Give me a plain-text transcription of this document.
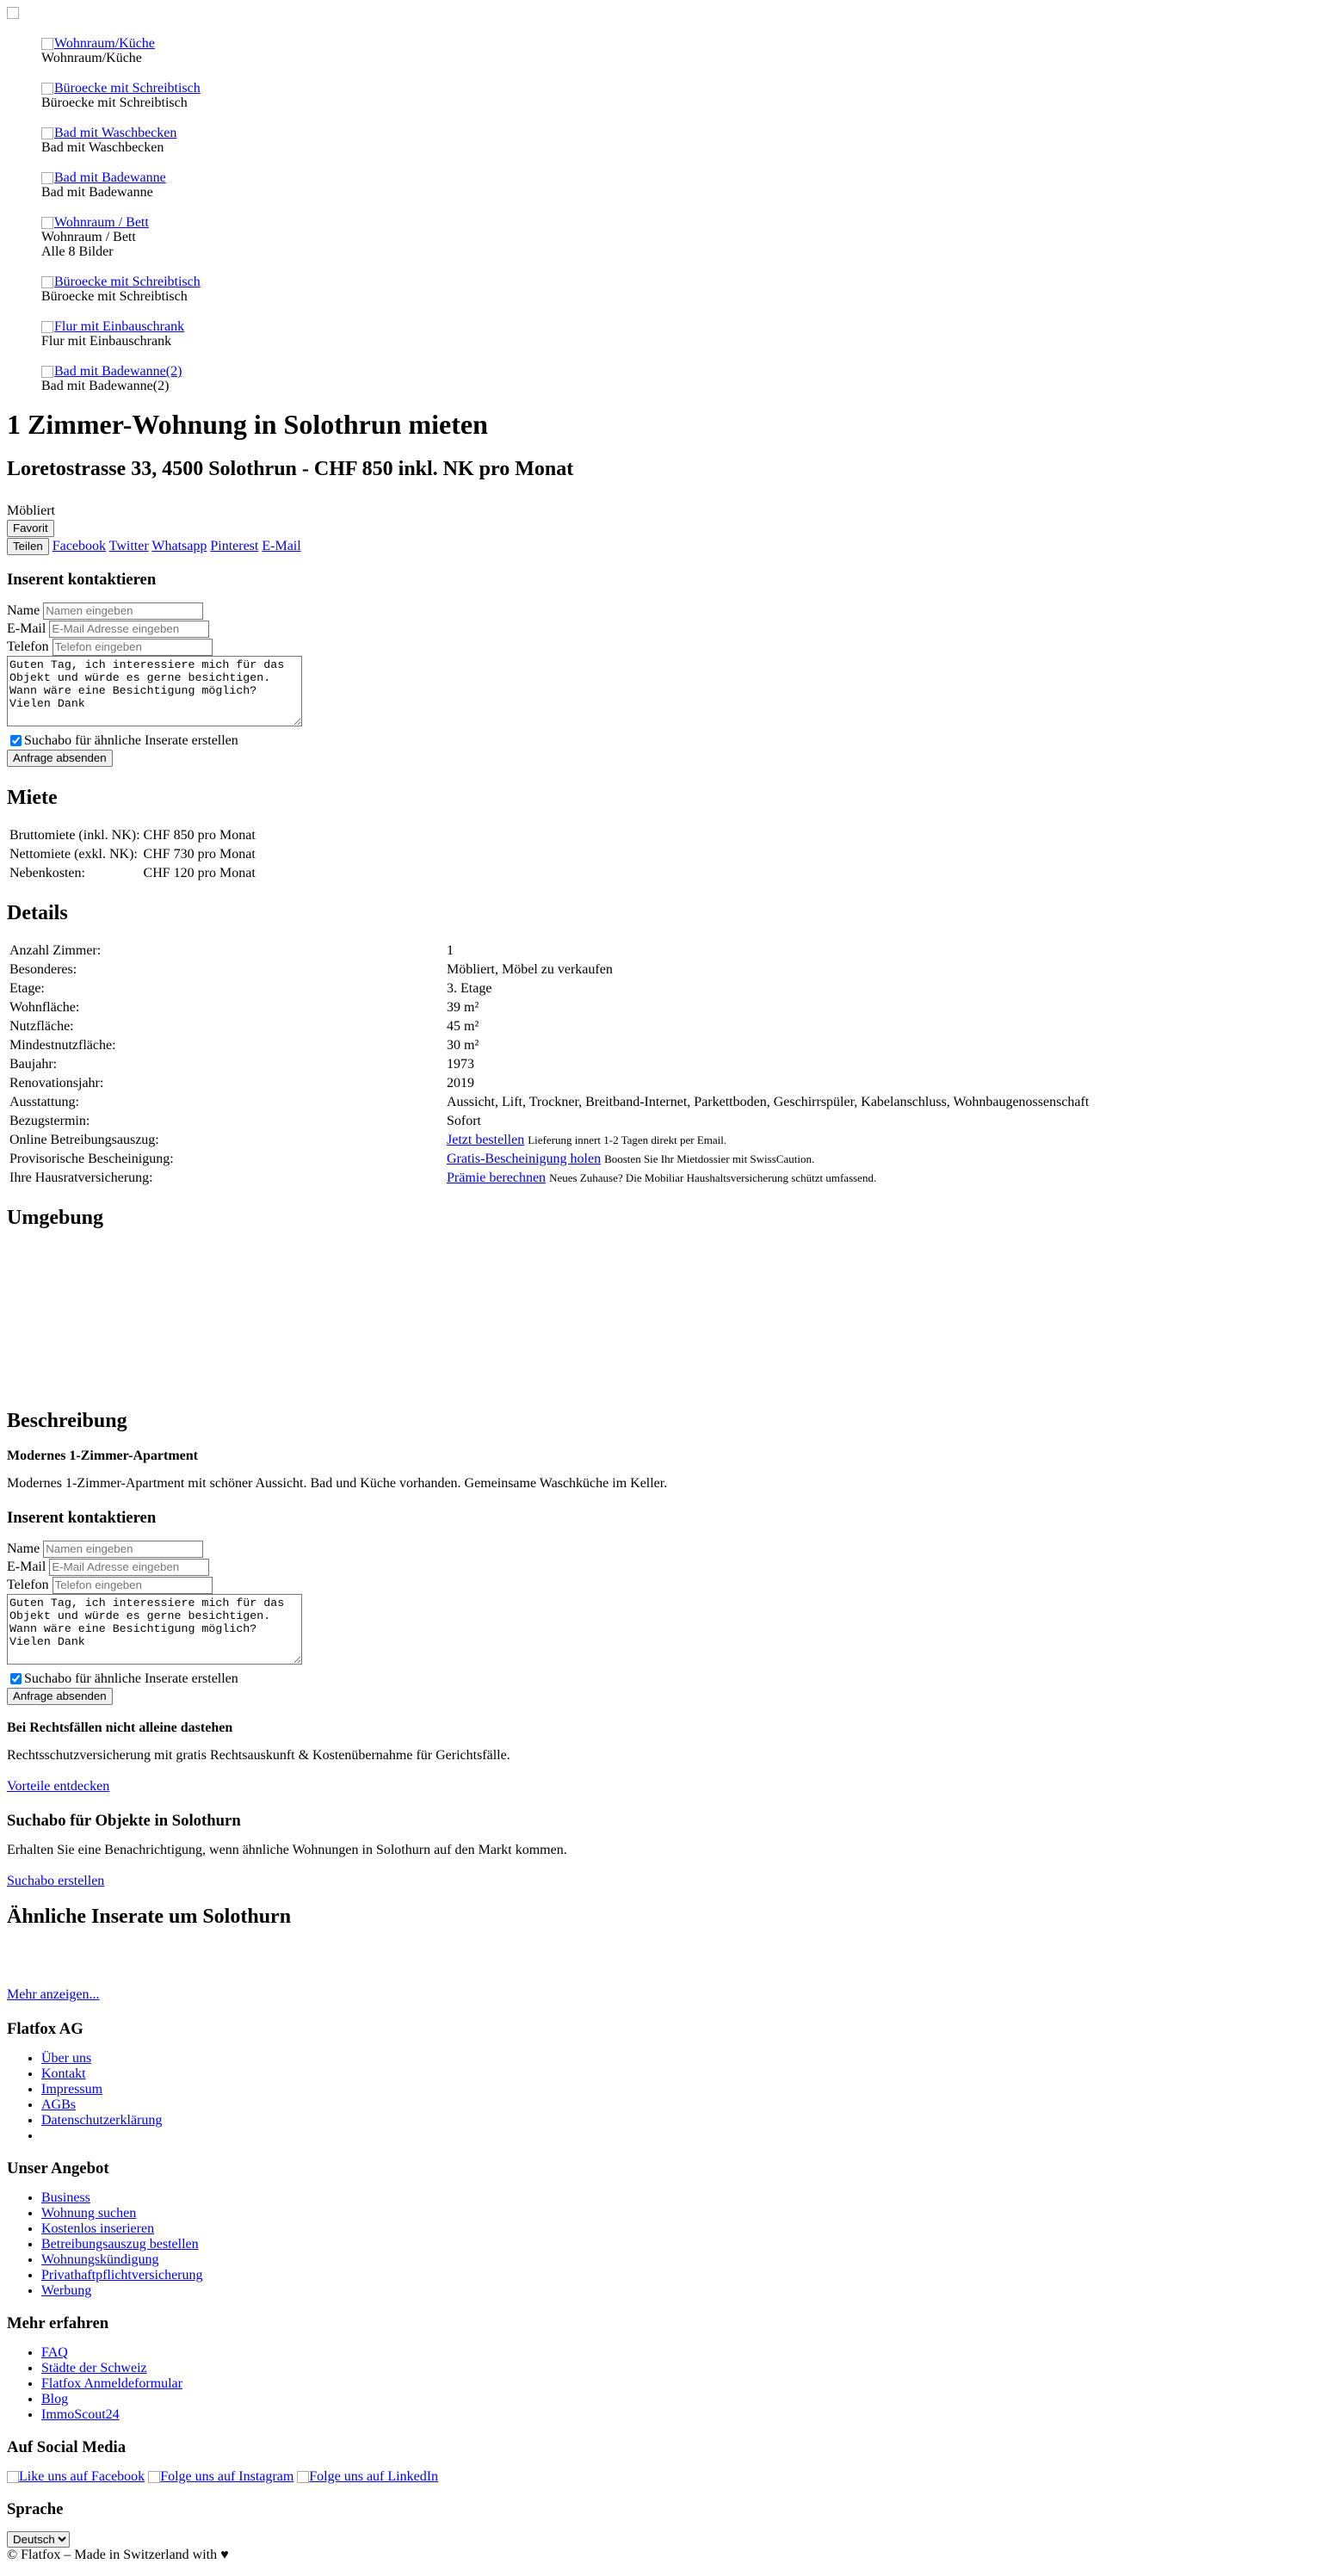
Wohnraum/Küche
Wohnraum/Küche
Büroecke mit Schreibtisch
Büroecke mit Schreibtisch
Bad mit Waschbecken
Bad mit Waschbecken
Bad mit Badewanne
Bad mit Badewanne
Wohnraum / Bett
Wohnraum / Bett
Alle 8 Bilder
Büroecke mit Schreibtisch
Büroecke mit Schreibtisch
Flur mit Einbauschrank
Flur mit Einbauschrank
Bad mit Badewanne(2)
Bad mit Badewanne(2)
1 Zimmer-Wohnung in Solothrun mieten
Loretostrasse 33, 4500 Solothrun - CHF 850 inkl. NK pro Monat
Möbliert
Favorit
Teilen Facebook Twitter Whatsapp Pinterest E-Mail
Inserent kontaktieren
Name Namen eingeben
E-Mail E-Mail Adresse eingeben
Telefon Telefon eingeben
Guten Tag, ich interessiere mich für das Objekt und würde es gerne besichtigen. Wann wäre eine Besichtigung möglich? Vielen Dank
Suchabo für ähnliche Inserate erstellen
Anfrage absenden
Miete
Bruttomiete (inkl. NK):	CHF 850 pro Monat
Nettomiete (exkl. NK):	CHF 730 pro Monat
Nebenkosten:	CHF 120 pro Monat
Details
Anzahl Zimmer:	1
Besonderes:	Möbliert, Möbel zu verkaufen
Etage:	3. Etage
Wohnfläche:	39 m²
Nutzfläche:	45 m²
Mindestnutzfläche:	30 m²
Baujahr:	1973
Renovationsjahr:	2019
Ausstattung:	Aussicht, Lift, Trockner, Breitband-Internet, Parkettboden, Geschirrspüler, Kabelanschluss, Wohnbaugenossenschaft
Bezugstermin:	Sofort
Online Betreibungsauszug:	Jetzt bestellen Lieferung innert 1-2 Tagen direkt per Email.
Provisorische Bescheinigung:	Gratis-Bescheinigung holen Boosten Sie Ihr Mietdossier mit SwissCaution.
Ihre Hausratversicherung:	Prämie berechnen Neues Zuhause? Die Mobiliar Haushaltsversicherung schützt umfassend.
Umgebung
Beschreibung
Modernes 1-Zimmer-Apartment

Modernes 1-Zimmer-Apartment mit schöner Aussicht. Bad und Küche vorhanden. Gemeinsame Waschküche im Keller.

Inserent kontaktieren
Name Namen eingeben
E-Mail E-Mail Adresse eingeben
Telefon Telefon eingeben
Guten Tag, ich interessiere mich für das Objekt und würde es gerne besichtigen. Wann wäre eine Besichtigung möglich? Vielen Dank
Suchabo für ähnliche Inserate erstellen
Anfrage absenden
Bei Rechtsfällen nicht alleine dastehen

Rechtsschutzversicherung mit gratis Rechtsauskunft & Kostenübernahme für Gerichtsfälle.

Vorteile entdecken
Suchabo für Objekte in Solothurn

Erhalten Sie eine Benachrichtigung, wenn ähnliche Wohnungen in Solothurn auf den Markt kommen.

Suchabo erstellen
Ähnliche Inserate um Solothurn
Mehr anzeigen...
Flatfox AG
• Über uns
• Kontakt
• Impressum
• AGBs
• Datenschutzerklärung
•
Unser Angebot
• Business
• Wohnung suchen
• Kostenlos inserieren
• Betreibungsauszug bestellen
• Wohnungskündigung
• Privathaftpflichtversicherung
• Werbung
Mehr erfahren
• FAQ
• Städte der Schweiz
• Flatfox Anmeldeformular
• Blog
• ImmoScout24
Auf Social Media
Like uns auf Facebook Folge uns auf Instagram Folge uns auf LinkedIn
Sprache
Deutsch
© Flatfox – Made in Switzerland with ♥
